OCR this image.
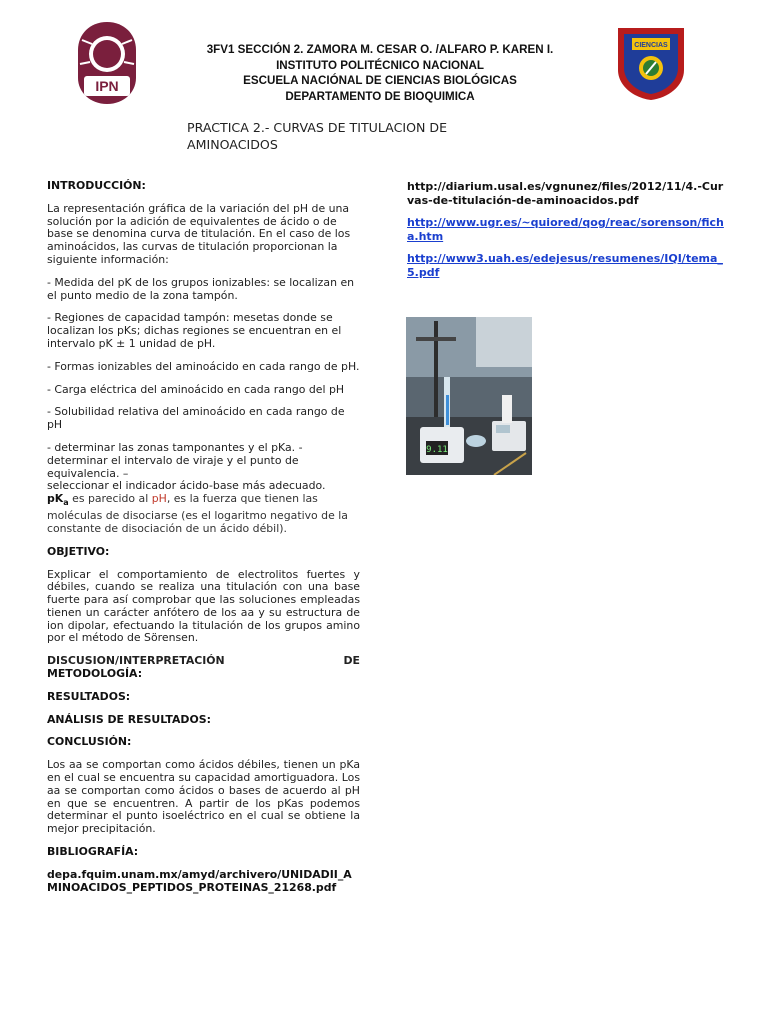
IPN
CIENCIAS
3FV1 SECCIÓN 2. ZAMORA M. CESAR O. /ALFARO P. KAREN I.
INSTITUTO POLITÉCNICO NACIONAL
ESCUELA NACIÓNAL DE CIENCIAS BIOLÓGICAS
DEPARTAMENTO DE BIOQUIMICA
PRACTICA 2.- CURVAS DE TITULACION DE
AMINOACIDOS
INTRODUCCIÓN:

La representación gráfica de la variación del pH de una solución por la adición de equivalentes de ácido o de base se denomina curva de titulación. En el caso de los aminoácidos, las curvas de titulación proporcionan la siguiente información:

- Medida del pK de los grupos ionizables: se localizan en el punto medio de la zona tampón.

- Regiones de capacidad tampón: mesetas donde se localizan los pKs; dichas regiones se encuentran en el intervalo pK ± 1 unidad de pH.

- Formas ionizables del aminoácido en cada rango de pH.

- Carga eléctrica del aminoácido en cada rango del pH

- Solubilidad relativa del aminoácido en cada rango de pH

- determinar las zonas tamponantes y el pKa. - determinar el intervalo de viraje y el punto de equivalencia. –

seleccionar el indicador ácido-base más adecuado.

$pK_a$ es parecido al pH, es la fuerza que tienen las moléculas de disociarse (es el logaritmo negativo de la constante de disociación de un ácido débil).

OBJETIVO:

Explicar el comportamiento de electrolitos fuertes y débiles, cuando se realiza una titulación con una base fuerte para así comprobar que las soluciones empleadas tienen un carácter anfótero de los aa y su estructura de ion dipolar, efectuando la titulación de los grupos amino por el método de Sörensen.

DISCUSION/INTERPRETACIÓN	DE
METODOLOGÍA:
RESULTADOS:
ANÁLISIS DE RESULTADOS:
CONCLUSIÓN:

Los aa se comportan como ácidos débiles, tienen un pKa en el cual se encuentra su capacidad amortiguadora. Los aa se comportan como ácidos o bases de acuerdo al pH en que se encuentren. A partir de los pKas podemos determinar el punto isoeléctrico en el cual se obtiene la mejor precipitación.

BIBLIOGRAFÍA:

depa.fquim.unam.mx/amyd/archivero/UNIDADII_AMINOACIDOS_PEPTIDOS_PROTEINAS_21268.pdf

http://diarium.usal.es/vgnunez/files/2012/11/4.-Curvas-de-titulación-de-aminoacidos.pdf

http://www.ugr.es/~quiored/qog/reac/sorenson/ficha.htm

http://www3.uah.es/edejesus/resumenes/IQI/tema_5.pdf

9.11
